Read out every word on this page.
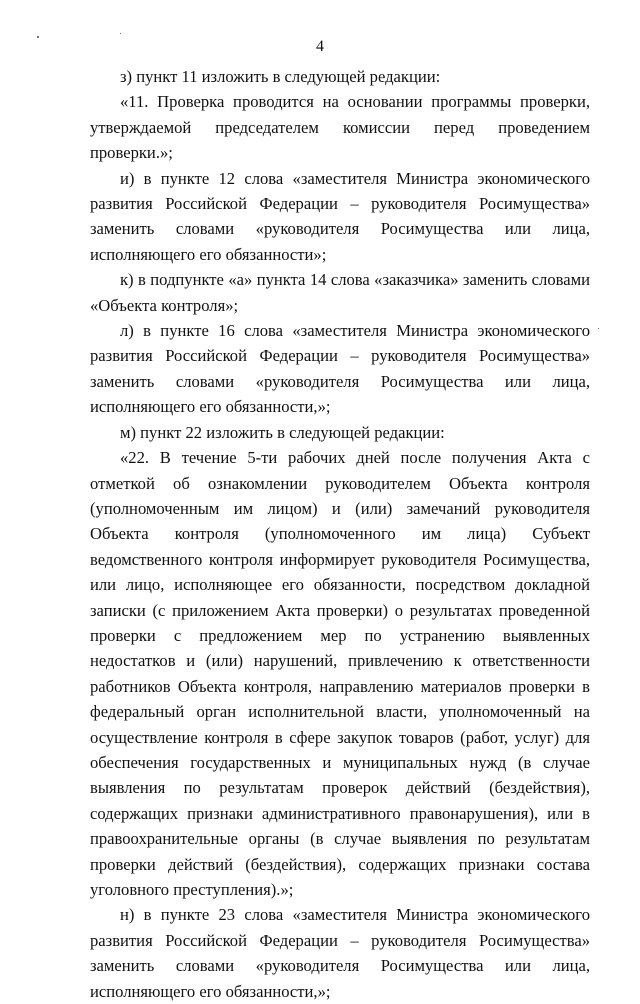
4

з) пункт 11 изложить в следующей редакции:

«11. Проверка проводится на основании программы проверки, утверждаемой председателем комиссии перед проведением проверки.»;

и) в пункте 12 слова «заместителя Министра экономического развития Российской Федерации – руководителя Росимущества» заменить словами «руководителя Росимущества или лица, исполняющего его обязанности»;

к) в подпункте «а» пункта 14 слова «заказчика» заменить словами «Объекта контроля»;

л) в пункте 16 слова «заместителя Министра экономического развития Российской Федерации – руководителя Росимущества» заменить словами «руководителя Росимущества или лица, исполняющего его обязанности,»;

м) пункт 22 изложить в следующей редакции:

«22. В течение 5-ти рабочих дней после получения Акта с отметкой об ознакомлении руководителем Объекта контроля (уполномоченным им лицом) и (или) замечаний руководителя Объекта контроля (уполномоченного им лица) Субъект ведомственного контроля информирует руководителя Росимущества, или лицо, исполняющее его обязанности, посредством докладной записки (с приложением Акта проверки) о результатах проведенной проверки с предложением мер по устранению выявленных недостатков и (или) нарушений, привлечению к ответственности работников Объекта контроля, направлению материалов проверки в федеральный орган исполнительной власти, уполномоченный на осуществление контроля в сфере закупок товаров (работ, услуг) для обеспечения государственных и муниципальных нужд (в случае выявления по результатам проверок действий (бездействия), содержащих признаки административного правонарушения), или в правоохранительные органы (в случае выявления по результатам проверки действий (бездействия), содержащих признаки состава уголовного преступления).»;

н) в пункте 23 слова «заместителя Министра экономического развития Российской Федерации – руководителя Росимущества» заменить словами «руководителя Росимущества или лица, исполняющего его обязанности,»;
